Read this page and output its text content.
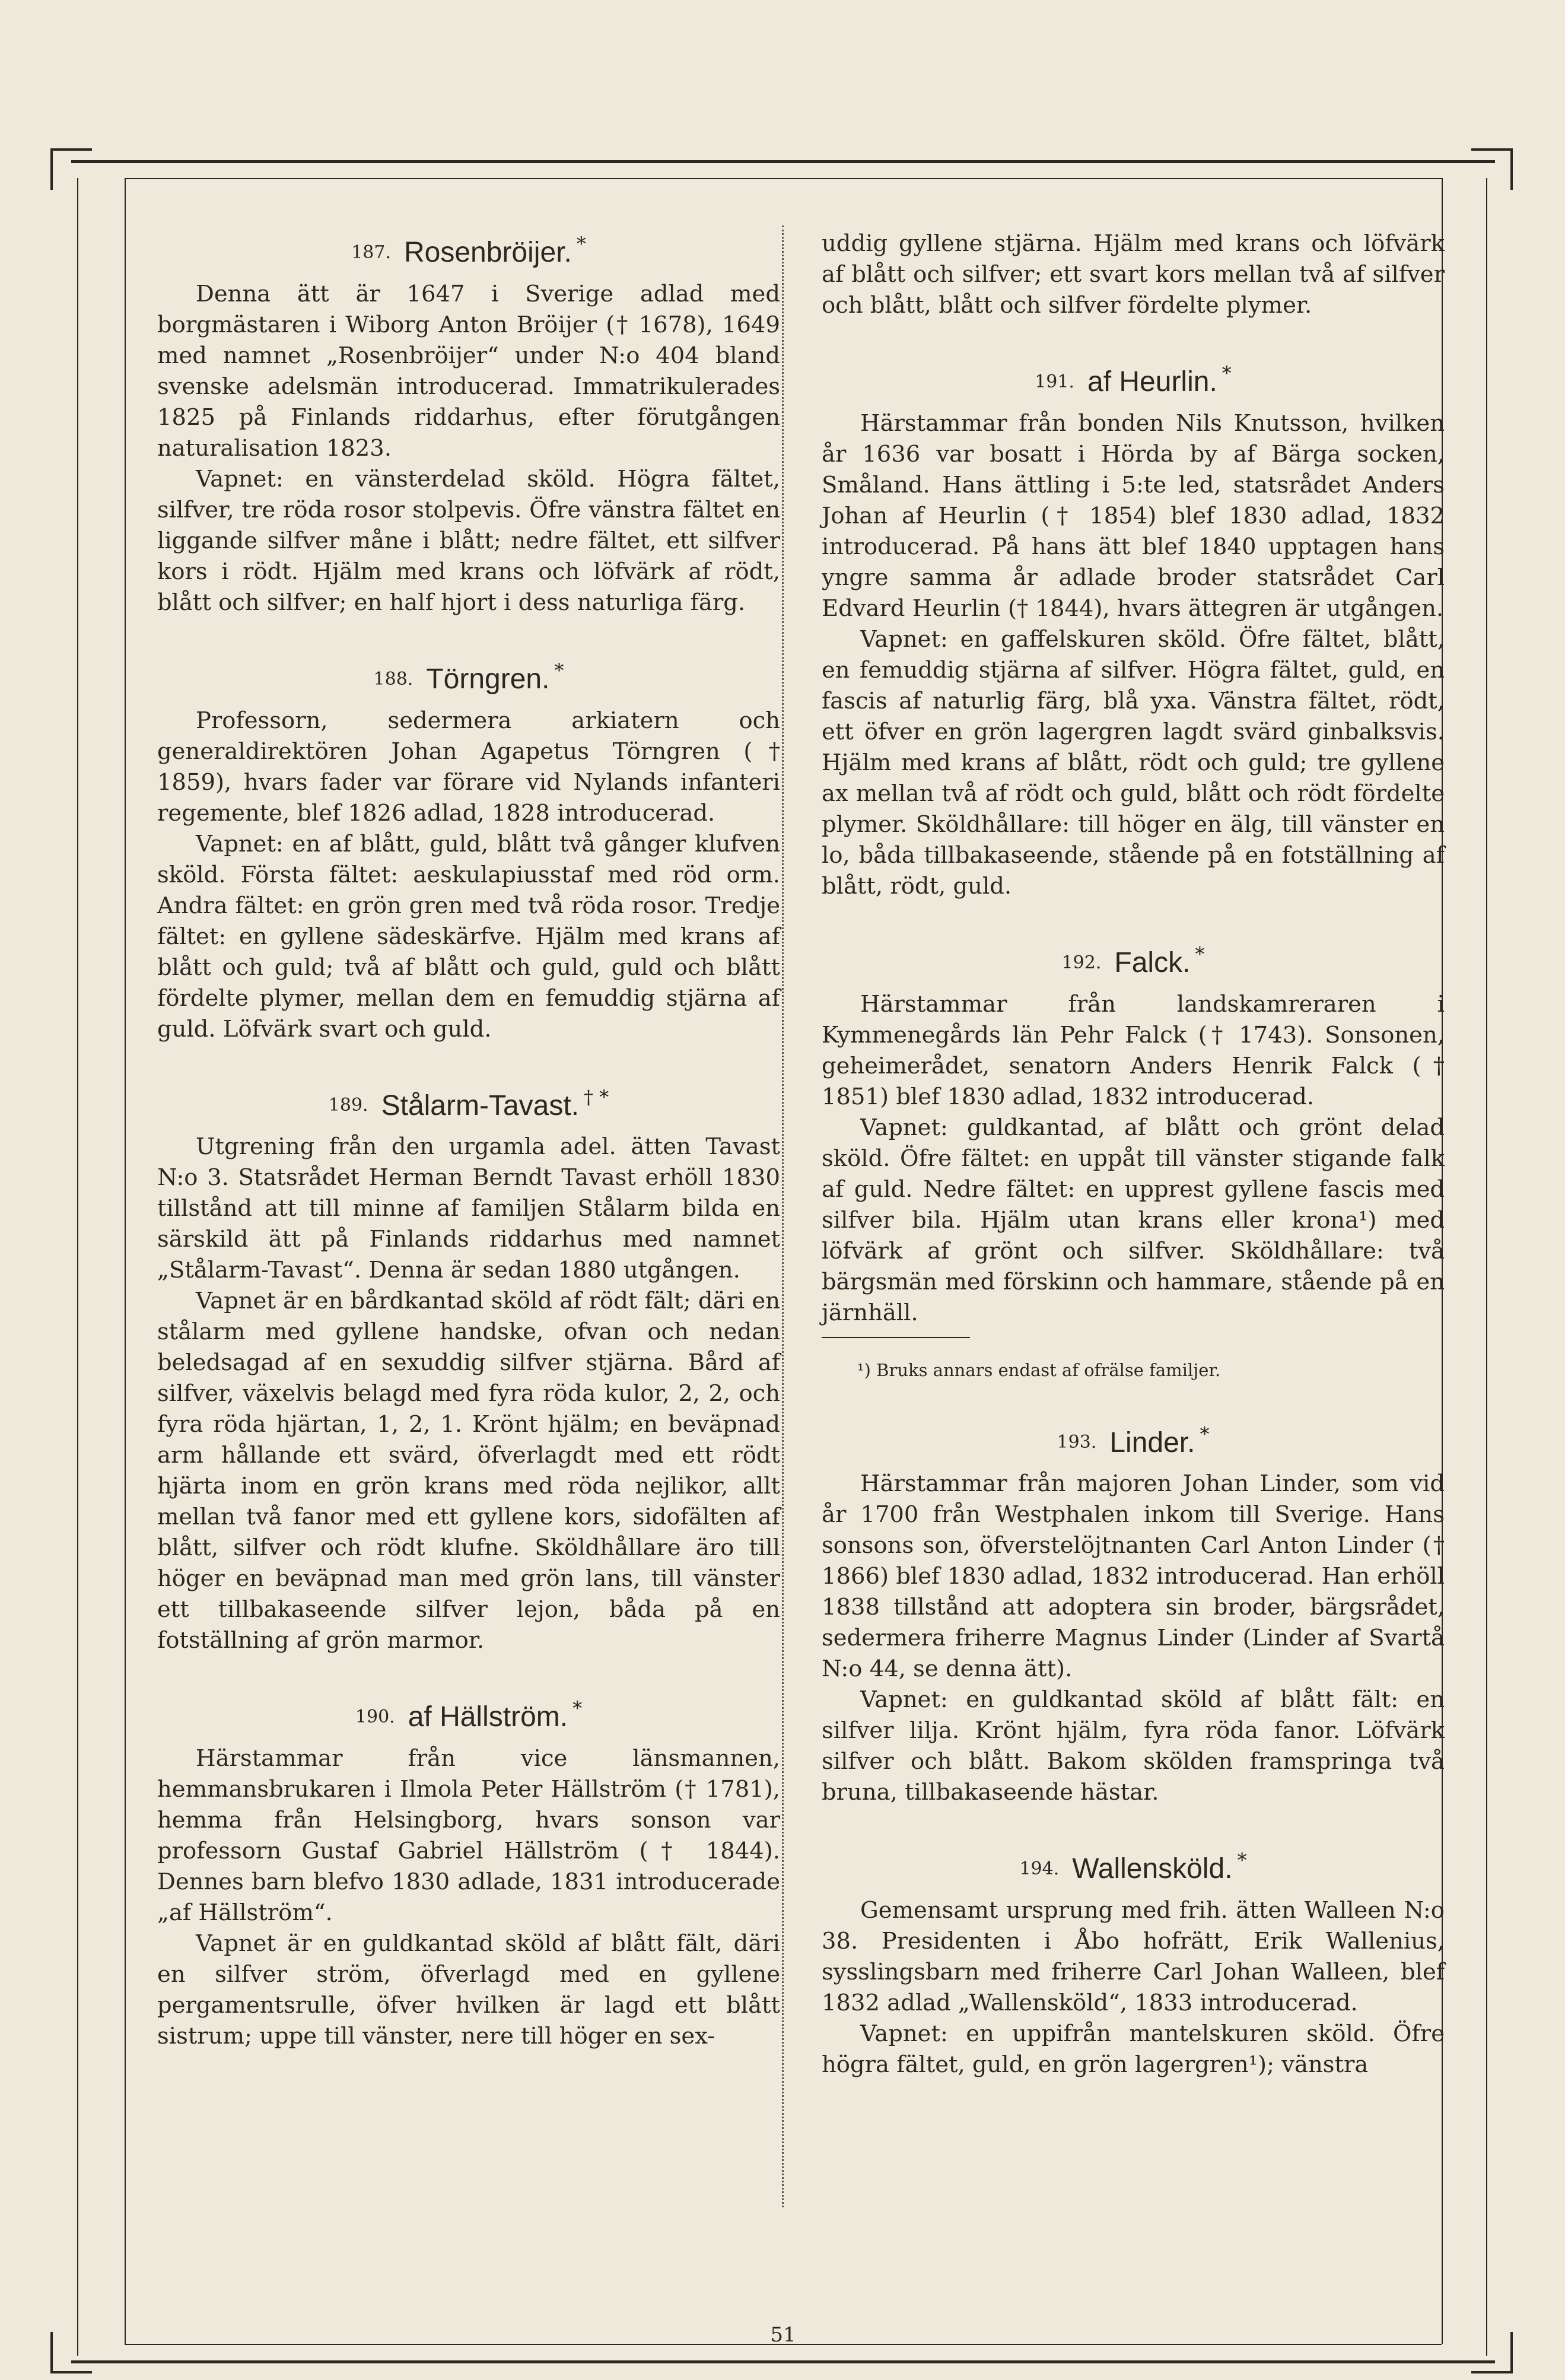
187. Rosenbröijer. *

Denna ätt är 1647 i Sverige adlad med borgmästaren i Wiborg Anton Bröijer († 1678), 1649 med namnet „Rosenbröijer“ under N:o 404 bland svenske adelsmän introducerad. Immatrikulerades 1825 på Finlands riddarhus, efter förutgången naturalisation 1823.

Vapnet: en vänsterdelad sköld. Högra fältet, silfver, tre röda rosor stolpevis. Öfre vänstra fältet en liggande silfver måne i blått; nedre fältet, ett silfver kors i rödt. Hjälm med krans och löfvärk af rödt, blått och silfver; en half hjort i dess naturliga färg.

188. Törngren. *

Professorn, sedermera arkiatern och generaldirektören Johan Agapetus Törngren († 1859), hvars fader var förare vid Nylands infanteri regemente, blef 1826 adlad, 1828 introducerad.

Vapnet: en af blått, guld, blått två gånger klufven sköld. Första fältet: aeskulapiusstaf med röd orm. Andra fältet: en grön gren med två röda rosor. Tredje fältet: en gyllene sädeskärfve. Hjälm med krans af blått och guld; två af blått och guld, guld och blått fördelte plymer, mellan dem en femuddig stjärna af guld. Löfvärk svart och guld.

189. Stålarm-Tavast. † *

Utgrening från den urgamla adel. ätten Tavast N:o 3. Statsrådet Herman Berndt Tavast erhöll 1830 tillstånd att till minne af familjen Stålarm bilda en särskild ätt på Finlands riddarhus med namnet „Stålarm-Tavast“. Denna är sedan 1880 utgången.

Vapnet är en bårdkantad sköld af rödt fält; däri en stålarm med gyllene handske, ofvan och nedan beledsagad af en sexuddig silfver stjärna. Bård af silfver, växelvis belagd med fyra röda kulor, 2, 2, och fyra röda hjärtan, 1, 2, 1. Krönt hjälm; en beväpnad arm hållande ett svärd, öfverlagdt med ett rödt hjärta inom en grön krans med röda nejlikor, allt mellan två fanor med ett gyllene kors, sidofälten af blått, silfver och rödt klufne. Sköldhållare äro till höger en beväpnad man med grön lans, till vänster ett tillbakaseende silfver lejon, båda på en fotställning af grön marmor.

190. af Hällström. *

Härstammar från vice länsmannen, hemmansbrukaren i Ilmola Peter Hällström († 1781), hemma från Helsingborg, hvars sonson var professorn Gustaf Gabriel Hällström († 1844). Dennes barn blefvo 1830 adlade, 1831 introducerade „af Hällström“.

Vapnet är en guldkantad sköld af blått fält, däri en silfver ström, öfverlagd med en gyllene pergamentsrulle, öfver hvilken är lagd ett blått sistrum; uppe till vänster, nere till höger en sex-

uddig gyllene stjärna. Hjälm med krans och löfvärk af blått och silfver; ett svart kors mellan två af silfver och blått, blått och silfver fördelte plymer.

191. af Heurlin. *

Härstammar från bonden Nils Knutsson, hvilken år 1636 var bosatt i Hörda by af Bärga socken, Småland. Hans ättling i 5:te led, statsrådet Anders Johan af Heurlin († 1854) blef 1830 adlad, 1832 introducerad. På hans ätt blef 1840 upptagen hans yngre samma år adlade broder statsrådet Carl Edvard Heurlin († 1844), hvars ättegren är utgången.

Vapnet: en gaffelskuren sköld. Öfre fältet, blått, en femuddig stjärna af silfver. Högra fältet, guld, en fascis af naturlig färg, blå yxa. Vänstra fältet, rödt, ett öfver en grön lagergren lagdt svärd ginbalksvis. Hjälm med krans af blått, rödt och guld; tre gyllene ax mellan två af rödt och guld, blått och rödt fördelte plymer. Sköldhållare: till höger en älg, till vänster en lo, båda tillbakaseende, stående på en fotställning af blått, rödt, guld.

192. Falck. *

Härstammar från landskamreraren i Kymmenegårds län Pehr Falck († 1743). Sonsonen, geheimerådet, senatorn Anders Henrik Falck († 1851) blef 1830 adlad, 1832 introducerad.

Vapnet: guldkantad, af blått och grönt delad sköld. Öfre fältet: en uppåt till vänster stigande falk af guld. Nedre fältet: en upprest gyllene fascis med silfver bila. Hjälm utan krans eller krona¹) med löfvärk af grönt och silfver. Sköldhållare: två bärgsmän med förskinn och hammare, stående på en järnhäll.

¹) Bruks annars endast af ofrälse familjer.

193. Linder. *

Härstammar från majoren Johan Linder, som vid år 1700 från Westphalen inkom till Sverige. Hans sonsons son, öfverstelöjtnanten Carl Anton Linder († 1866) blef 1830 adlad, 1832 introducerad. Han erhöll 1838 tillstånd att adoptera sin broder, bärgsrådet, sedermera friherre Magnus Linder (Linder af Svartå N:o 44, se denna ätt).

Vapnet: en guldkantad sköld af blått fält: en silfver lilja. Krönt hjälm, fyra röda fanor. Löfvärk silfver och blått. Bakom skölden framspringa två bruna, tillbakaseende hästar.

194. Wallensköld. *

Gemensamt ursprung med frih. ätten Walleen N:o 38. Presidenten i Åbo hofrätt, Erik Wallenius, sysslingsbarn med friherre Carl Johan Walleen, blef 1832 adlad „Wallensköld“, 1833 introducerad.

Vapnet: en uppifrån mantelskuren sköld. Öfre högra fältet, guld, en grön lagergren¹); vänstra

51
